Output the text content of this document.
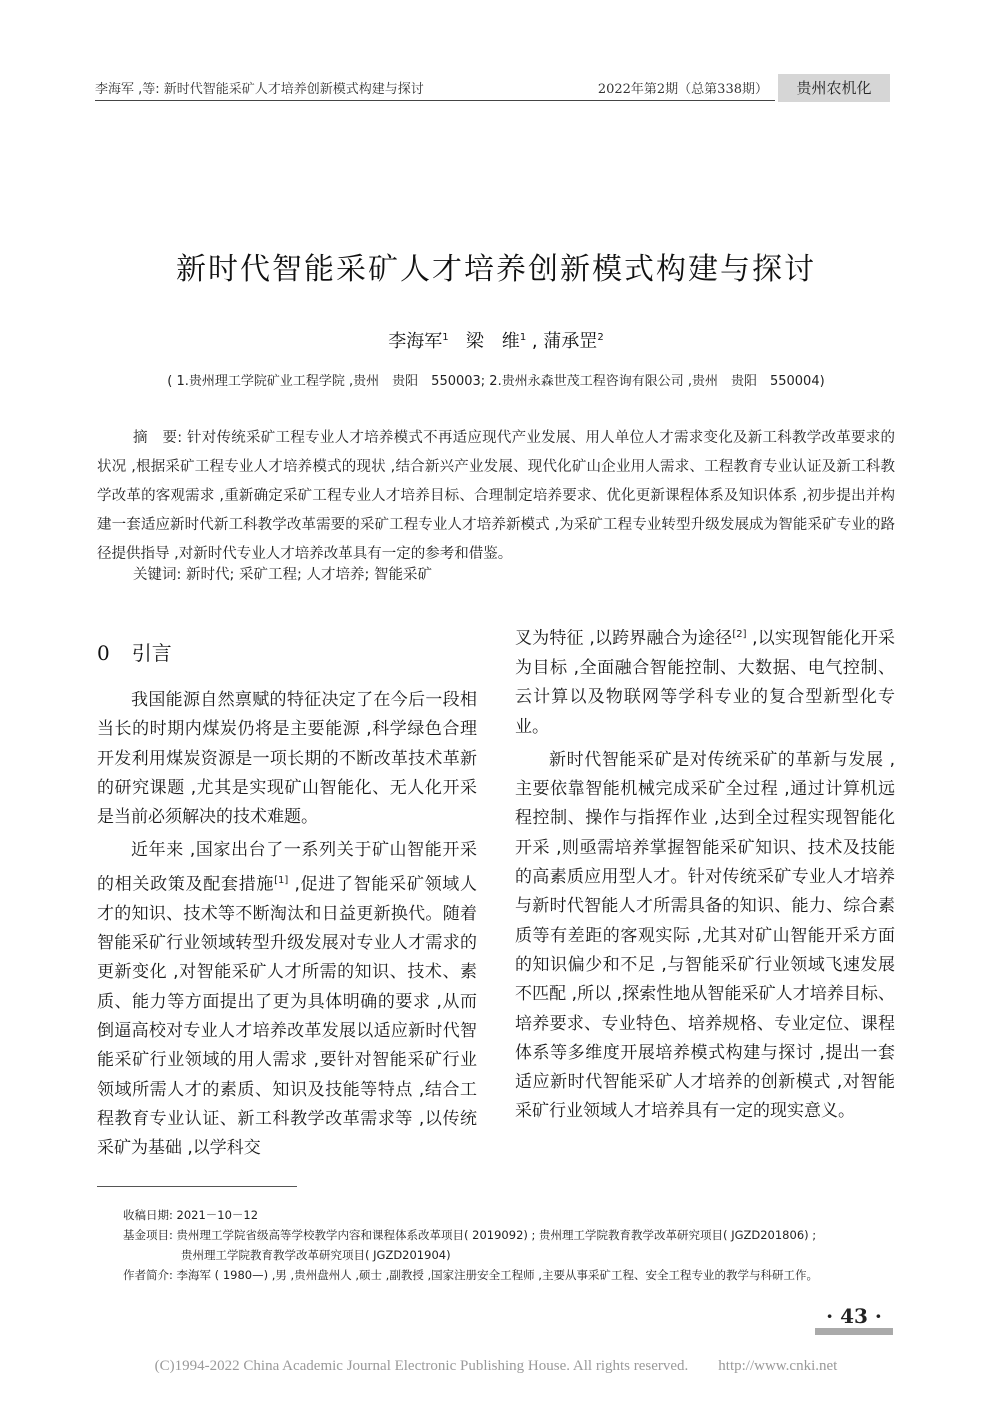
李海军 ,等: 新时代智能采矿人才培养创新模式构建与探讨	2022年第2期（总第338期）	贵州农机化
新时代智能采矿人才培养创新模式构建与探讨
李海军$^1$ 梁　维$^1$ , 蒲承罡$^2$
( 1.贵州理工学院矿业工程学院 ,贵州　贵阳　550003; 2.贵州永森世茂工程咨询有限公司 ,贵州　贵阳　550004)
摘　要: 针对传统采矿工程专业人才培养模式不再适应现代产业发展、用人单位人才需求变化及新工科教学改革要求的状况 ,根据采矿工程专业人才培养模式的现状 ,结合新兴产业发展、现代化矿山企业用人需求、工程教育专业认证及新工科教学改革的客观需求 ,重新确定采矿工程专业人才培养目标、合理制定培养要求、优化更新课程体系及知识体系 ,初步提出并构建一套适应新时代新工科教学改革需要的采矿工程专业人才培养新模式 ,为采矿工程专业转型升级发展成为智能采矿专业的路径提供指导 ,对新时代专业人才培养改革具有一定的参考和借鉴。
关键词: 新时代; 采矿工程; 人才培养; 智能采矿
0 引言

我国能源自然禀赋的特征决定了在今后一段相当长的时期内煤炭仍将是主要能源 ,科学绿色合理开发利用煤炭资源是一项长期的不断改革技术革新的研究课题 ,尤其是实现矿山智能化、无人化开采是当前必须解决的技术难题。

近年来 ,国家出台了一系列关于矿山智能开采的相关政策及配套措施[1] ,促进了智能采矿领域人才的知识、技术等不断淘汰和日益更新换代。随着智能采矿行业领域转型升级发展对专业人才需求的更新变化 ,对智能采矿人才所需的知识、技术、素质、能力等方面提出了更为具体明确的要求 ,从而倒逼高校对专业人才培养改革发展以适应新时代智能采矿行业领域的用人需求 ,要针对智能采矿行业领域所需人才的素质、知识及技能等特点 ,结合工程教育专业认证、新工科教学改革需求等 ,以传统采矿为基础 ,以学科交

叉为特征 ,以跨界融合为途径[2] ,以实现智能化开采为目标 ,全面融合智能控制、大数据、电气控制、云计算以及物联网等学科专业的复合型新型化专业。

新时代智能采矿是对传统采矿的革新与发展 ,主要依靠智能机械完成采矿全过程 ,通过计算机远程控制、操作与指挥作业 ,达到全过程实现智能化开采 ,则亟需培养掌握智能采矿知识、技术及技能的高素质应用型人才。针对传统采矿专业人才培养与新时代智能人才所需具备的知识、能力、综合素质等有差距的客观实际 ,尤其对矿山智能开采方面的知识偏少和不足 ,与智能采矿行业领域飞速发展不匹配 ,所以 ,探索性地从智能采矿人才培养目标、培养要求、专业特色、培养规格、专业定位、课程体系等多维度开展培养模式构建与探讨 ,提出一套适应新时代智能采矿人才培养的创新模式 ,对智能采矿行业领域人才培养具有一定的现实意义。

收稿日期: 2021－10－12
基金项目: 贵州理工学院省级高等学校教学内容和课程体系改革项目( 2019092) ; 贵州理工学院教育教学改革研究项目( JGZD201806) ;
贵州理工学院教育教学改革研究项目( JGZD201904)
作者简介: 李海军 ( 1980—) ,男 ,贵州盘州人 ,硕士 ,副教授 ,国家注册安全工程师 ,主要从事采矿工程、安全工程专业的教学与科研工作。
· 43 ·
(C)1994-2022 China Academic Journal Electronic Publishing House. All rights reserved.　　http://www.cnki.net
